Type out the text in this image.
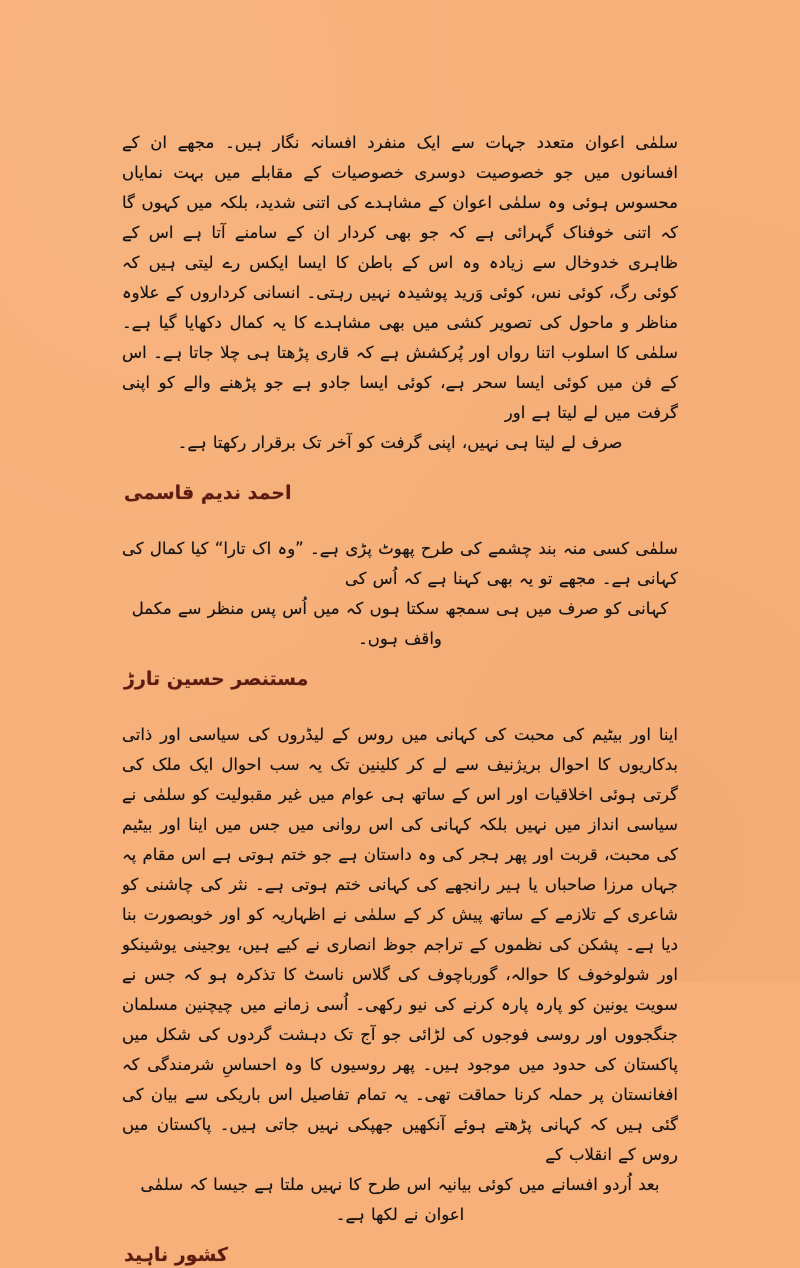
سلمٰی اعوان متعدد جہات سے ایک منفرد افسانہ نگار ہیں۔ مجھے ان کے افسانوں میں جو خصوصیت دوسری خصوصیات کے مقابلے میں بہت نمایاں محسوس ہوئی وہ سلمٰی اعوان کے مشاہدے کی اتنی شدید، بلکہ میں کہوں گا کہ اتنی خوفناک گہرائی ہے کہ جو بھی کردار ان کے سامنے آتا ہے اس کے ظاہری خدوخال سے زیادہ وہ اس کے باطن کا ایسا ایکس رے لیتی ہیں کہ کوئی رگ، کوئی نس، کوئی وَرید پوشیدہ نہیں رہتی۔ انسانی کرداروں کے علاوہ مناظر و ماحول کی تصویر کشی میں بھی مشاہدے کا یہ کمال دکھایا گیا ہے۔ سلمٰی کا اسلوب اتنا رواں اور پُرکشش ہے کہ قاری پڑھتا ہی چلا جاتا ہے۔ اس کے فن میں کوئی ایسا سحر ہے، کوئی ایسا جادو ہے جو پڑھنے والے کو اپنی گرفت میں لے لیتا ہے اور

صرف لے لیتا ہی نہیں، اپنی گرفت کو آخر تک برقرار رکھتا ہے۔

احمد ندیم قاسمی

سلمٰی کسی منہ بند چشمے کی طرح پھوٹ پڑی ہے۔ ”وہ اک تارا“ کیا کمال کی کہانی ہے۔ مجھے تو یہ بھی کہنا ہے کہ اُس کی

کہانی کو صرف میں ہی سمجھ سکتا ہوں کہ میں اُس پس منظر سے مکمل واقف ہوں۔

مستنصر حسین تارڑ

اینا اور بیٹیم کی محبت کی کہانی میں روس کے لیڈروں کی سیاسی اور ذاتی بدکاریوں کا احوال بریژنیف سے لے کر کلینین تک یہ سب احوال ایک ملک کی گرتی ہوئی اخلاقیات اور اس کے ساتھ ہی عوام میں غیر مقبولیت کو سلمٰی نے سیاسی انداز میں نہیں بلکہ کہانی کی اس روانی میں جس میں اینا اور بیٹیم کی محبت، قربت اور پھر ہجر کی وہ داستان ہے جو ختم ہوتی ہے اس مقام پہ جہاں مرزا صاحباں یا ہیر رانجھے کی کہانی ختم ہوتی ہے۔ نثر کی چاشنی کو شاعری کے تلازمے کے ساتھ پیش کر کے سلمٰی نے اظہاریہ کو اور خوبصورت بنا دیا ہے۔ پشکن کی نظموں کے تراجم جوظ انصاری نے کیے ہیں، یوجینی یوشینکو اور شولوخوف کا حوالہ، گورباچوف کی گلاس ناسٹ کا تذکرہ ہو کہ جس نے سویت یونین کو پارہ پارہ کرنے کی نیو رکھی۔ اُسی زمانے میں چیچنین مسلمان جنگجووں اور روسی فوجوں کی لڑائی جو آج تک دہشت گردوں کی شکل میں پاکستان کی حدود میں موجود ہیں۔ پھر روسیوں کا وہ احساسِ شرمندگی کہ افغانستان پر حملہ کرنا حماقت تھی۔ یہ تمام تفاصیل اس باریکی سے بیان کی گئی ہیں کہ کہانی پڑھتے ہوئے آنکھیں جھپکی نہیں جاتی ہیں۔ پاکستان میں روس کے انقلاب کے

بعد اُردو افسانے میں کوئی بیانیہ اس طرح کا نہیں ملتا ہے جیسا کہ سلمٰی اعوان نے لکھا ہے۔

کشور ناہید
